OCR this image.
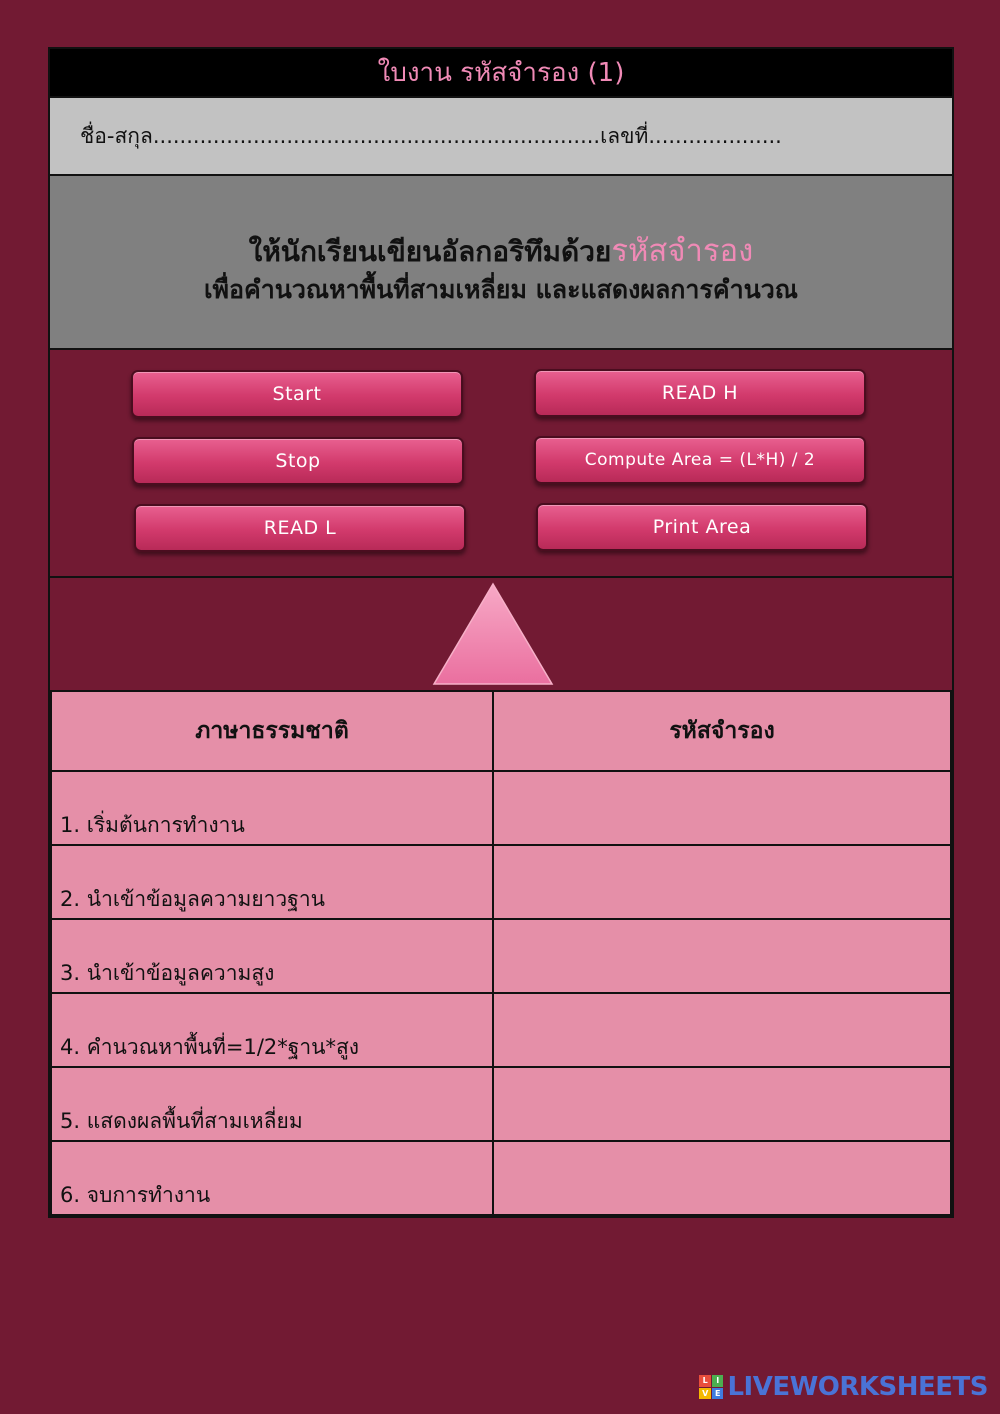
ใบงาน รหัสจำรอง (1)
ชื่อ-สกุล ................................................................... เลขที่ ....................
ให้นักเรียนเขียนอัลกอริทึมด้วยรหัสจำรอง
เพื่อคำนวณหาพื้นที่สามเหลี่ยม และแสดงผลการคำนวณ
Start	READ H
Stop	Compute Area = (L*H) / 2
READ L	Print Area
ภาษาธรรมชาติ	รหัสจำรอง
1. เริ่มต้นการทำงาน	

2. นำเข้าข้อมูลความยาวฐาน	

3. นำเข้าข้อมูลความสูง	

4. คำนวณหาพื้นที่=1/2*ฐาน*สูง	

5. แสดงผลพื้นที่สามเหลี่ยม	

6. จบการทำงาน	
L	I
V E LIVEWORKSHEETS
